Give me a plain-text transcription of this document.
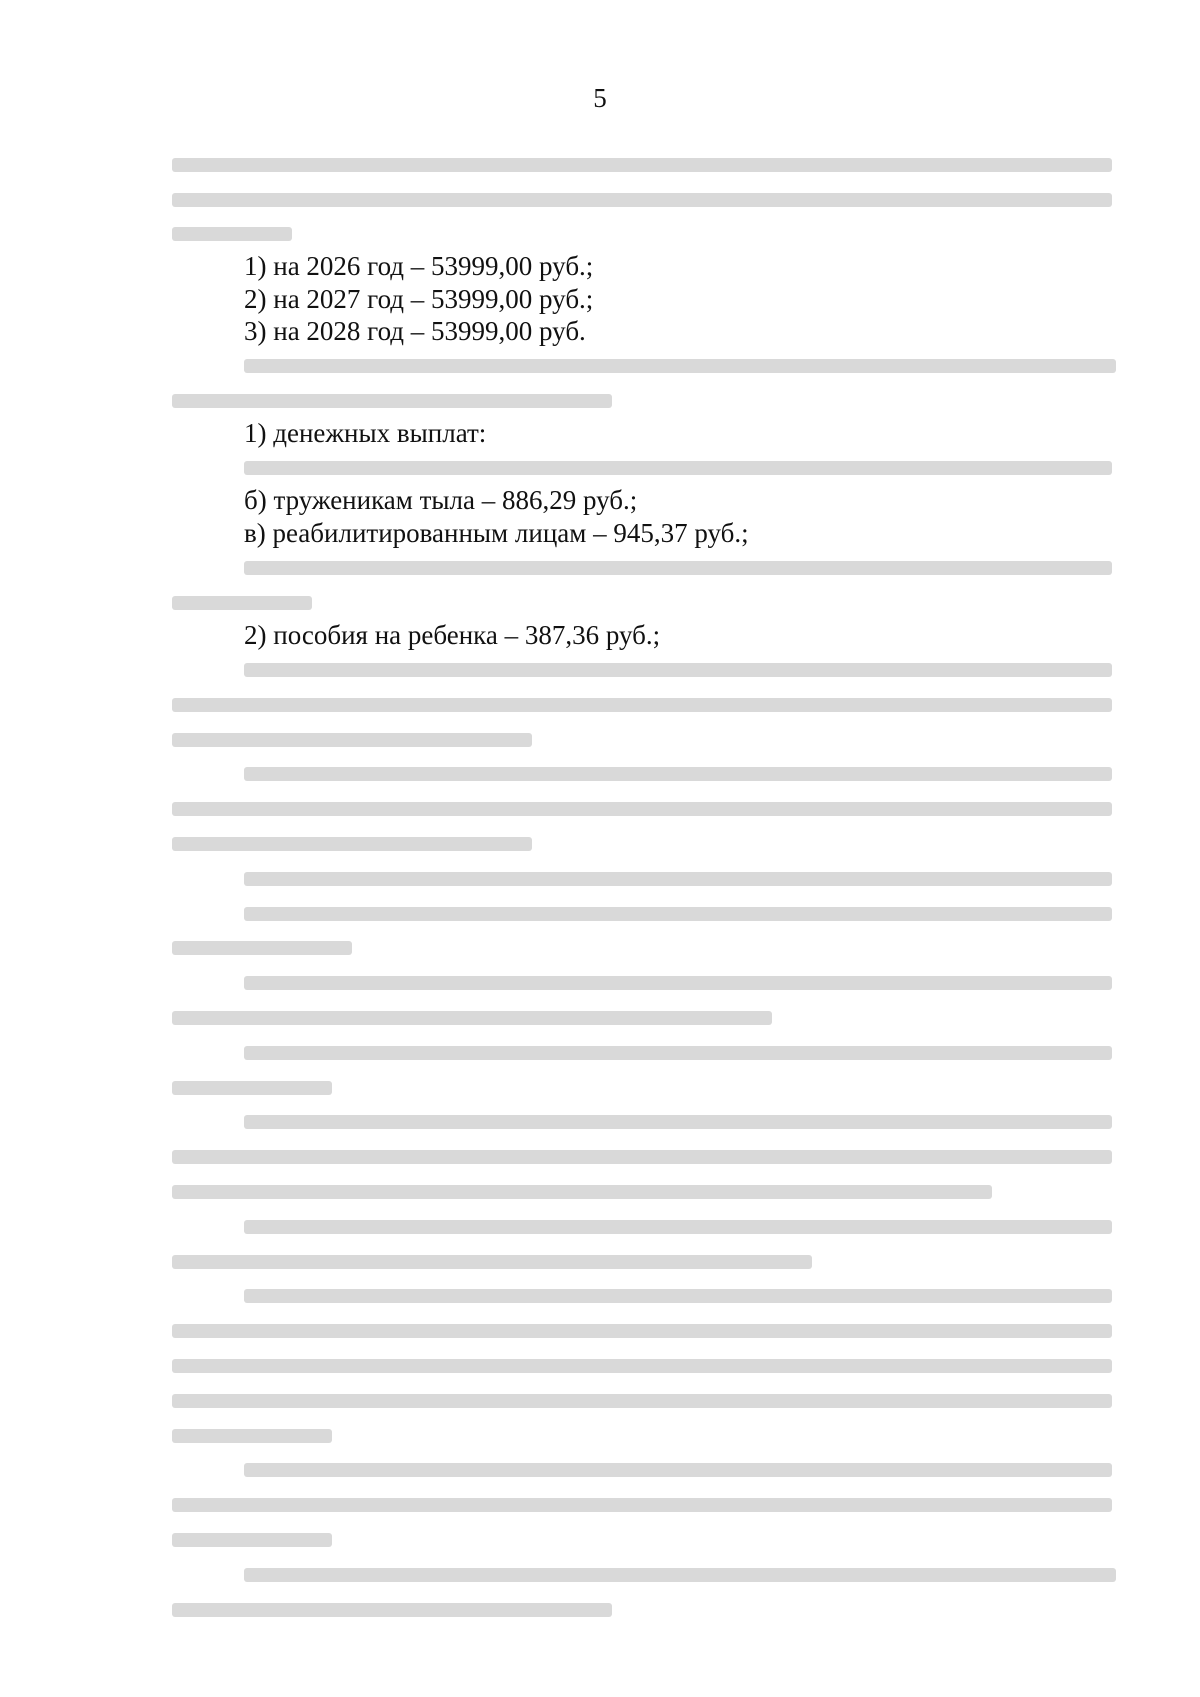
5

1) на 2026 год – 53999,00 руб.;

2) на 2027 год – 53999,00 руб.;

3) на 2028 год – 53999,00 руб.

1) денежных выплат:

б) труженикам тыла – 886,29 руб.;

в) реабилитированным лицам – 945,37 руб.;

2) пособия на ребенка – 387,36 руб.;
